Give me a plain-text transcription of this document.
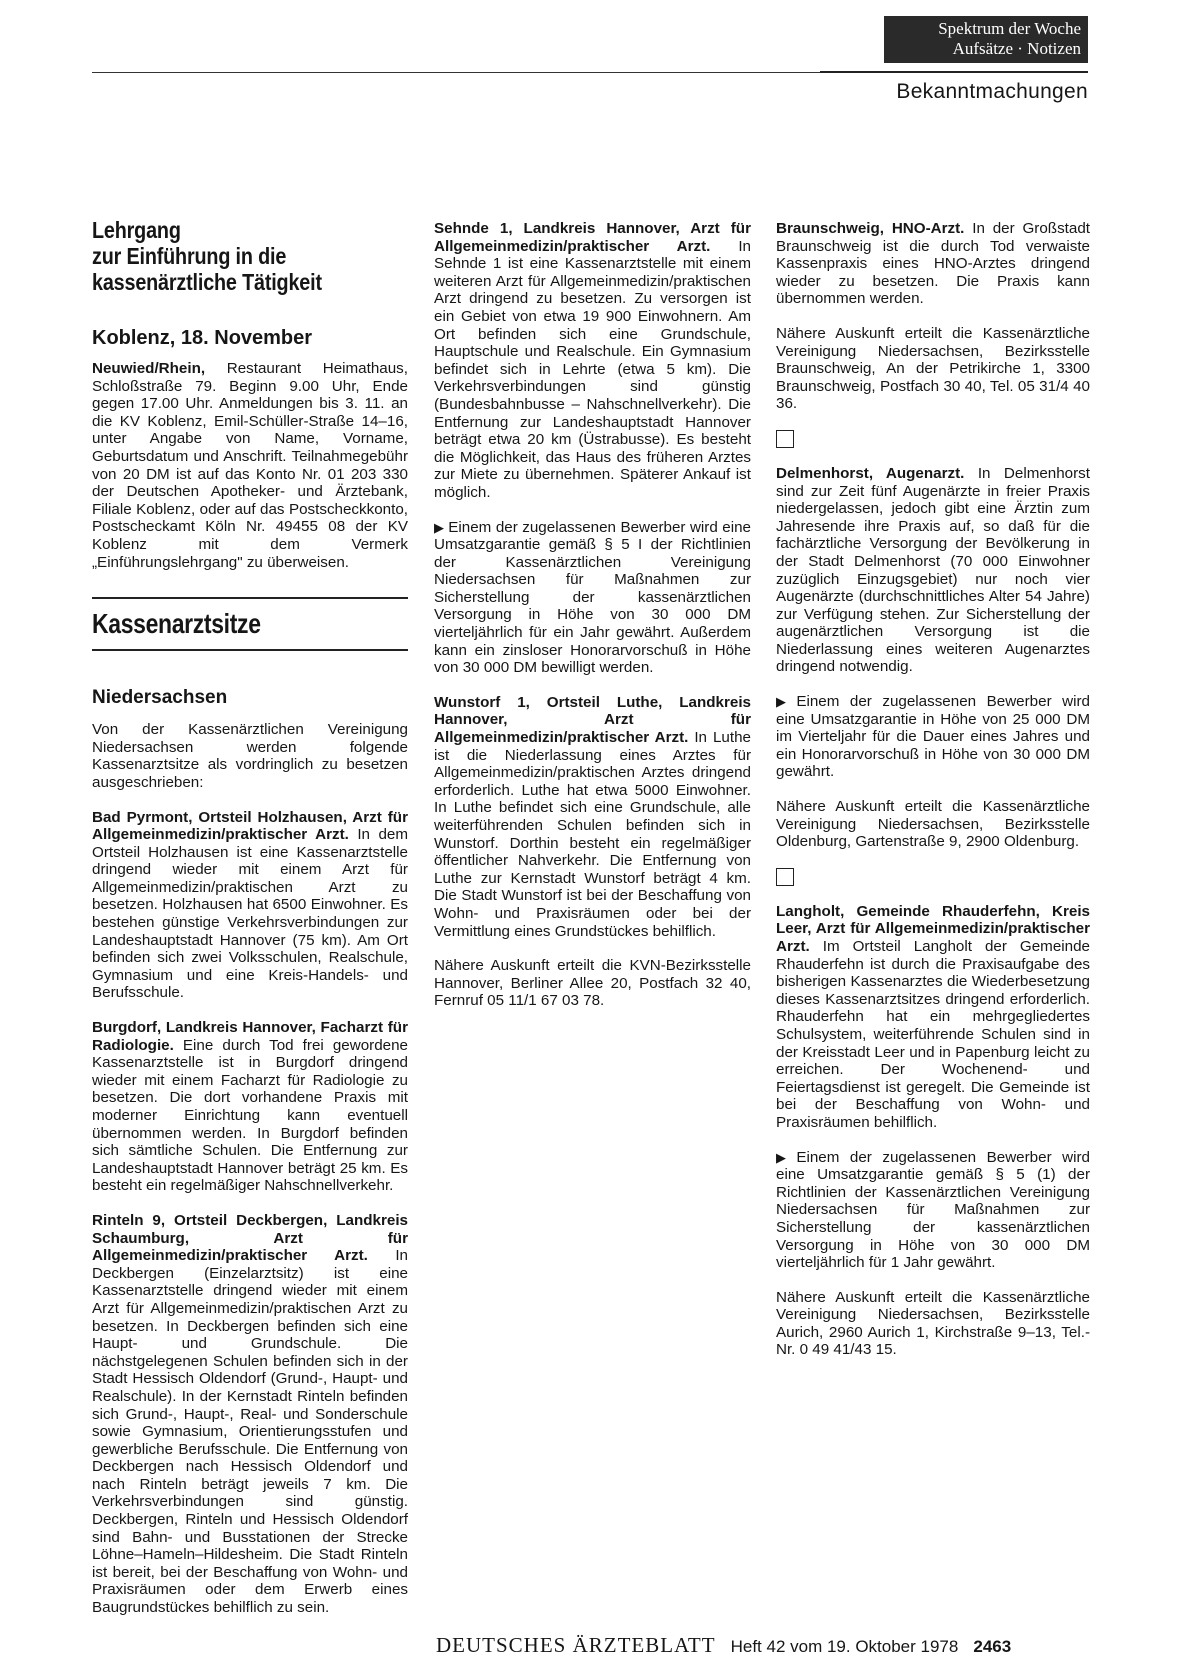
Spektrum der Woche
Aufsätze · Notizen
Bekanntmachungen
Lehrgang
zur Einführung in die
kassenärztliche Tätigkeit
Koblenz, 18. November

Neuwied/Rhein, Restaurant Heimathaus, Schloßstraße 79. Beginn 9.00 Uhr, Ende gegen 17.00 Uhr. Anmeldungen bis 3. 11. an die KV Koblenz, Emil-Schüller-Straße 14–16, unter Angabe von Name, Vorname, Geburtsdatum und Anschrift. Teilnahmegebühr von 20 DM ist auf das Konto Nr. 01 203 330 der Deutschen Apotheker- und Ärztebank, Filiale Koblenz, oder auf das Postscheckkonto, Postscheckamt Köln Nr. 49455 08 der KV Koblenz mit dem Vermerk „Einführungslehrgang" zu überweisen.

Kassenarztsitze
Niedersachsen

Von der Kassenärztlichen Vereinigung Niedersachsen werden folgende Kassenarztsitze als vordringlich zu besetzen ausgeschrieben:

Bad Pyrmont, Ortsteil Holzhausen, Arzt für Allgemeinmedizin/praktischer Arzt. In dem Ortsteil Holzhausen ist eine Kassenarztstelle dringend wieder mit einem Arzt für Allgemeinmedizin/praktischen Arzt zu besetzen. Holzhausen hat 6500 Einwohner. Es bestehen günstige Verkehrsverbindungen zur Landeshauptstadt Hannover (75 km). Am Ort befinden sich zwei Volksschulen, Realschule, Gymnasium und eine Kreis-Handels- und Berufsschule.

Burgdorf, Landkreis Hannover, Facharzt für Radiologie. Eine durch Tod frei gewordene Kassenarztstelle ist in Burgdorf dringend wieder mit einem Facharzt für Radiologie zu besetzen. Die dort vorhandene Praxis mit moderner Einrichtung kann eventuell übernommen werden. In Burgdorf befinden sich sämtliche Schulen. Die Entfernung zur Landeshauptstadt Hannover beträgt 25 km. Es besteht ein regelmäßiger Nahschnellverkehr.

Rinteln 9, Ortsteil Deckbergen, Landkreis Schaumburg, Arzt für Allgemeinmedizin/praktischer Arzt. In Deckbergen (Einzelarztsitz) ist eine Kassenarztstelle dringend wieder mit einem Arzt für Allgemeinmedizin/praktischen Arzt zu besetzen. In Deckbergen befinden sich eine Haupt- und Grundschule. Die nächstgelegenen Schulen befinden sich in der Stadt Hessisch Oldendorf (Grund-, Haupt- und Realschule). In der Kernstadt Rinteln befinden sich Grund-, Haupt-, Real- und Sonderschule sowie Gymnasium, Orientierungsstufen und gewerbliche Berufsschule. Die Entfernung von Deckbergen nach Hessisch Oldendorf und nach Rinteln beträgt jeweils 7 km. Die Verkehrsverbindungen sind günstig. Deckbergen, Rinteln und Hessisch Oldendorf sind Bahn- und Busstationen der Strecke Löhne–Hameln–Hildesheim. Die Stadt Rinteln ist bereit, bei der Beschaffung von Wohn- und Praxisräumen oder dem Erwerb eines Baugrundstückes behilflich zu sein.

Sehnde 1, Landkreis Hannover, Arzt für Allgemeinmedizin/praktischer Arzt. In Sehnde 1 ist eine Kassenarztstelle mit einem weiteren Arzt für Allgemeinmedizin/praktischen Arzt dringend zu besetzen. Zu versorgen ist ein Gebiet von etwa 19 900 Einwohnern. Am Ort befinden sich eine Grundschule, Hauptschule und Realschule. Ein Gymnasium befindet sich in Lehrte (etwa 5 km). Die Verkehrsverbindungen sind günstig (Bundesbahnbusse – Nahschnellverkehr). Die Entfernung zur Landeshauptstadt Hannover beträgt etwa 20 km (Üstrabusse). Es besteht die Möglichkeit, das Haus des früheren Arztes zur Miete zu übernehmen. Späterer Ankauf ist möglich.

▶ Einem der zugelassenen Bewerber wird eine Umsatzgarantie gemäß § 5 I der Richtlinien der Kassenärztlichen Vereinigung Niedersachsen für Maßnahmen zur Sicherstellung der kassenärztlichen Versorgung in Höhe von 30 000 DM vierteljährlich für ein Jahr gewährt. Außerdem kann ein zinsloser Honorarvorschuß in Höhe von 30 000 DM bewilligt werden.

Wunstorf 1, Ortsteil Luthe, Landkreis Hannover, Arzt für Allgemeinmedizin/praktischer Arzt. In Luthe ist die Niederlassung eines Arztes für Allgemeinmedizin/praktischen Arztes dringend erforderlich. Luthe hat etwa 5000 Einwohner. In Luthe befindet sich eine Grundschule, alle weiterführenden Schulen befinden sich in Wunstorf. Dorthin besteht ein regelmäßiger öffentlicher Nahverkehr. Die Entfernung von Luthe zur Kernstadt Wunstorf beträgt 4 km. Die Stadt Wunstorf ist bei der Beschaffung von Wohn- und Praxisräumen oder bei der Vermittlung eines Grundstückes behilflich.

Nähere Auskunft erteilt die KVN-Bezirksstelle Hannover, Berliner Allee 20, Postfach 32 40, Fernruf 05 11/1 67 03 78.

Braunschweig, HNO-Arzt. In der Großstadt Braunschweig ist die durch Tod verwaiste Kassenpraxis eines HNO-Arztes dringend wieder zu besetzen. Die Praxis kann übernommen werden.

Nähere Auskunft erteilt die Kassenärztliche Vereinigung Niedersachsen, Bezirksstelle Braunschweig, An der Petrikirche 1, 3300 Braunschweig, Postfach 30 40, Tel. 05 31/4 40 36.

Delmenhorst, Augenarzt. In Delmenhorst sind zur Zeit fünf Augenärzte in freier Praxis niedergelassen, jedoch gibt eine Ärztin zum Jahresende ihre Praxis auf, so daß für die fachärztliche Versorgung der Bevölkerung in der Stadt Delmenhorst (70 000 Einwohner zuzüglich Einzugsgebiet) nur noch vier Augenärzte (durchschnittliches Alter 54 Jahre) zur Verfügung stehen. Zur Sicherstellung der augenärztlichen Versorgung ist die Niederlassung eines weiteren Augenarztes dringend notwendig.

▶ Einem der zugelassenen Bewerber wird eine Umsatzgarantie in Höhe von 25 000 DM im Vierteljahr für die Dauer eines Jahres und ein Honorarvorschuß in Höhe von 30 000 DM gewährt.

Nähere Auskunft erteilt die Kassenärztliche Vereinigung Niedersachsen, Bezirksstelle Oldenburg, Gartenstraße 9, 2900 Oldenburg.

Langholt, Gemeinde Rhauderfehn, Kreis Leer, Arzt für Allgemeinmedizin/praktischer Arzt. Im Ortsteil Langholt der Gemeinde Rhauderfehn ist durch die Praxisaufgabe des bisherigen Kassenarztes die Wiederbesetzung dieses Kassenarztsitzes dringend erforderlich. Rhauderfehn hat ein mehrgegliedertes Schulsystem, weiterführende Schulen sind in der Kreisstadt Leer und in Papenburg leicht zu erreichen. Der Wochenend- und Feiertagsdienst ist geregelt. Die Gemeinde ist bei der Beschaffung von Wohn- und Praxisräumen behilflich.

▶ Einem der zugelassenen Bewerber wird eine Umsatzgarantie gemäß § 5 (1) der Richtlinien der Kassenärztlichen Vereinigung Niedersachsen für Maßnahmen zur Sicherstellung der kassenärztlichen Versorgung in Höhe von 30 000 DM vierteljährlich für 1 Jahr gewährt.

Nähere Auskunft erteilt die Kassenärztliche Vereinigung Niedersachsen, Bezirksstelle Aurich, 2960 Aurich 1, Kirchstraße 9–13, Tel.-Nr. 0 49 41/43 15.

DEUTSCHES ÄRZTEBLATT Heft 42 vom 19. Oktober 1978 2463
